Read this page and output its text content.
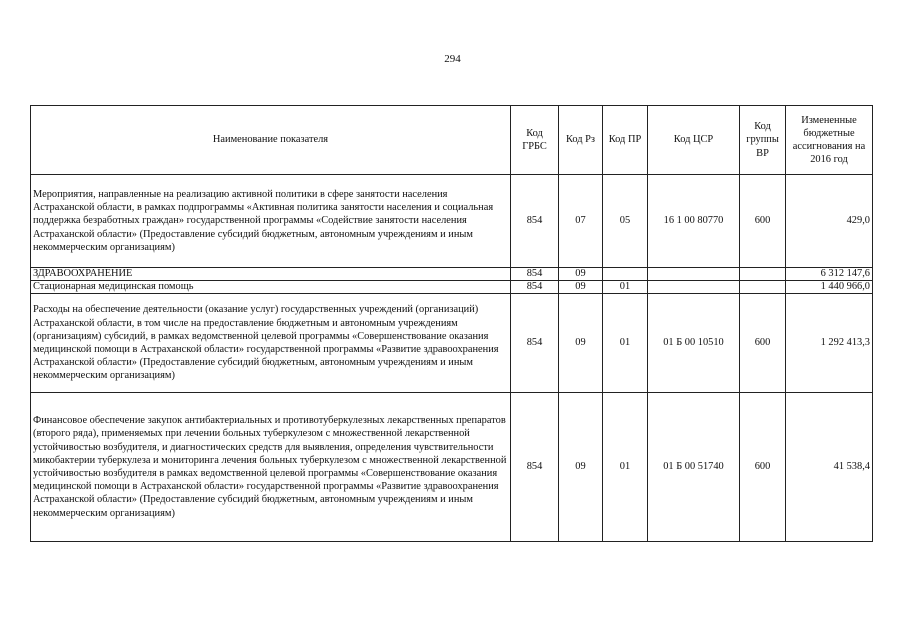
294
Наименование показателя	Код ГРБС	Код Рз	Код ПР	Код ЦСР	Код группы ВР	Измененные бюджетные ассигнования на 2016 год
Мероприятия, направленные на реализацию активной политики в сфере занятости населения Астраханской области, в рамках подпрограммы «Активная политика занятости населения и социальная поддержка безработных граждан» государственной программы «Содействие занятости населения Астраханской области» (Предоставление субсидий бюджетным, автономным учреждениям и иным некоммерческим организациям)	854	07	05	16 1 00 80770	600	429,0
ЗДРАВООХРАНЕНИЕ	854	09				6 312 147,6
Стационарная медицинская помощь	854	09	01			1 440 966,0
Расходы на обеспечение деятельности (оказание услуг) государственных учреждений (организаций) Астраханской области, в том числе на предоставление бюджетным и автономным учреждениям (организациям) субсидий, в рамках ведомственной целевой программы «Совершенствование оказания медицинской помощи в Астраханской области» государственной программы «Развитие здравоохранения Астраханской области» (Предоставление субсидий бюджетным, автономным учреждениям и иным некоммерческим организациям)	854	09	01	01 Б 00 10510	600	1 292 413,3
Финансовое обеспечение закупок антибактериальных и противотуберкулезных лекарственных препаратов (второго ряда), применяемых при лечении больных туберкулезом с множественной лекарственной устойчивостью возбудителя, и диагностических средств для выявления, определения чувствительности микобактерии туберкулеза и мониторинга лечения больных туберкулезом с множественной лекарственной устойчивостью возбудителя в рамках ведомственной целевой программы «Совершенствование оказания медицинской помощи в Астраханской области» государственной программы «Развитие здравоохранения Астраханской области» (Предоставление субсидий бюджетным, автономным учреждениям и иным некоммерческим организациям)	854	09	01	01 Б 00 51740	600	41 538,4
